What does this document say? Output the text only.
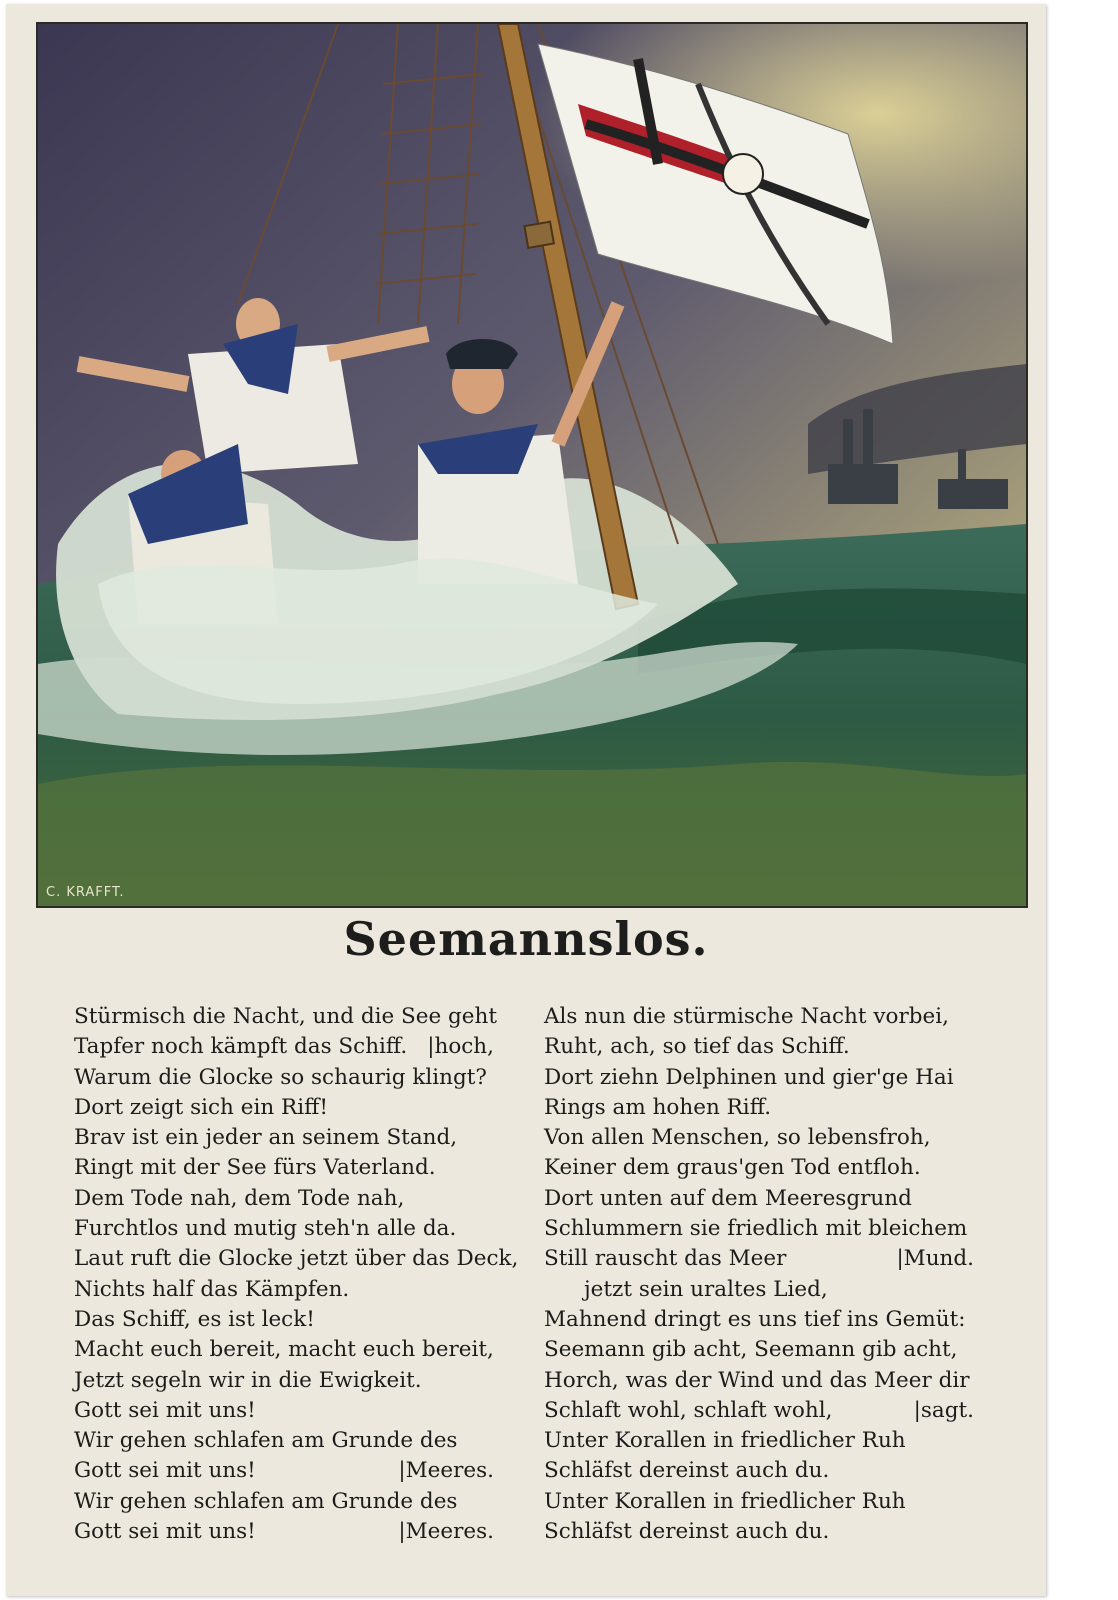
C. KRAFFT.
Seemannslos.
Stürmisch die Nacht, und die See geht
Tapfer noch kämpft das Schiff. |hoch,
Warum die Glocke so schaurig klingt?
Dort zeigt sich ein Riff!
Brav ist ein jeder an seinem Stand,
Ringt mit der See fürs Vaterland.
Dem Tode nah, dem Tode nah,
Furchtlos und mutig steh'n alle da.
Laut ruft die Glocke jetzt über das Deck,
Nichts half das Kämpfen.
Das Schiff, es ist leck!
Macht euch bereit, macht euch bereit,
Jetzt segeln wir in die Ewigkeit.
Gott sei mit uns!
Wir gehen schlafen am Grunde des
Gott sei mit uns!	|Meeres.
Wir gehen schlafen am Grunde des
Gott sei mit uns!	|Meeres.
Als nun die stürmische Nacht vorbei,
Ruht, ach, so tief das Schiff.
Dort ziehn Delphinen und gier'ge Hai
Rings am hohen Riff.
Von allen Menschen, so lebensfroh,
Keiner dem graus'gen Tod entfloh.
Dort unten auf dem Meeresgrund
Schlummern sie friedlich mit bleichem
Still rauscht das Meer	|Mund.
jetzt sein uraltes Lied,
Mahnend dringt es uns tief ins Gemüt:
Seemann gib acht, Seemann gib acht,
Horch, was der Wind und das Meer dir
Schlaft wohl, schlaft wohl,	|sagt.
Unter Korallen in friedlicher Ruh
Schläfst dereinst auch du.
Unter Korallen in friedlicher Ruh
Schläfst dereinst auch du.
